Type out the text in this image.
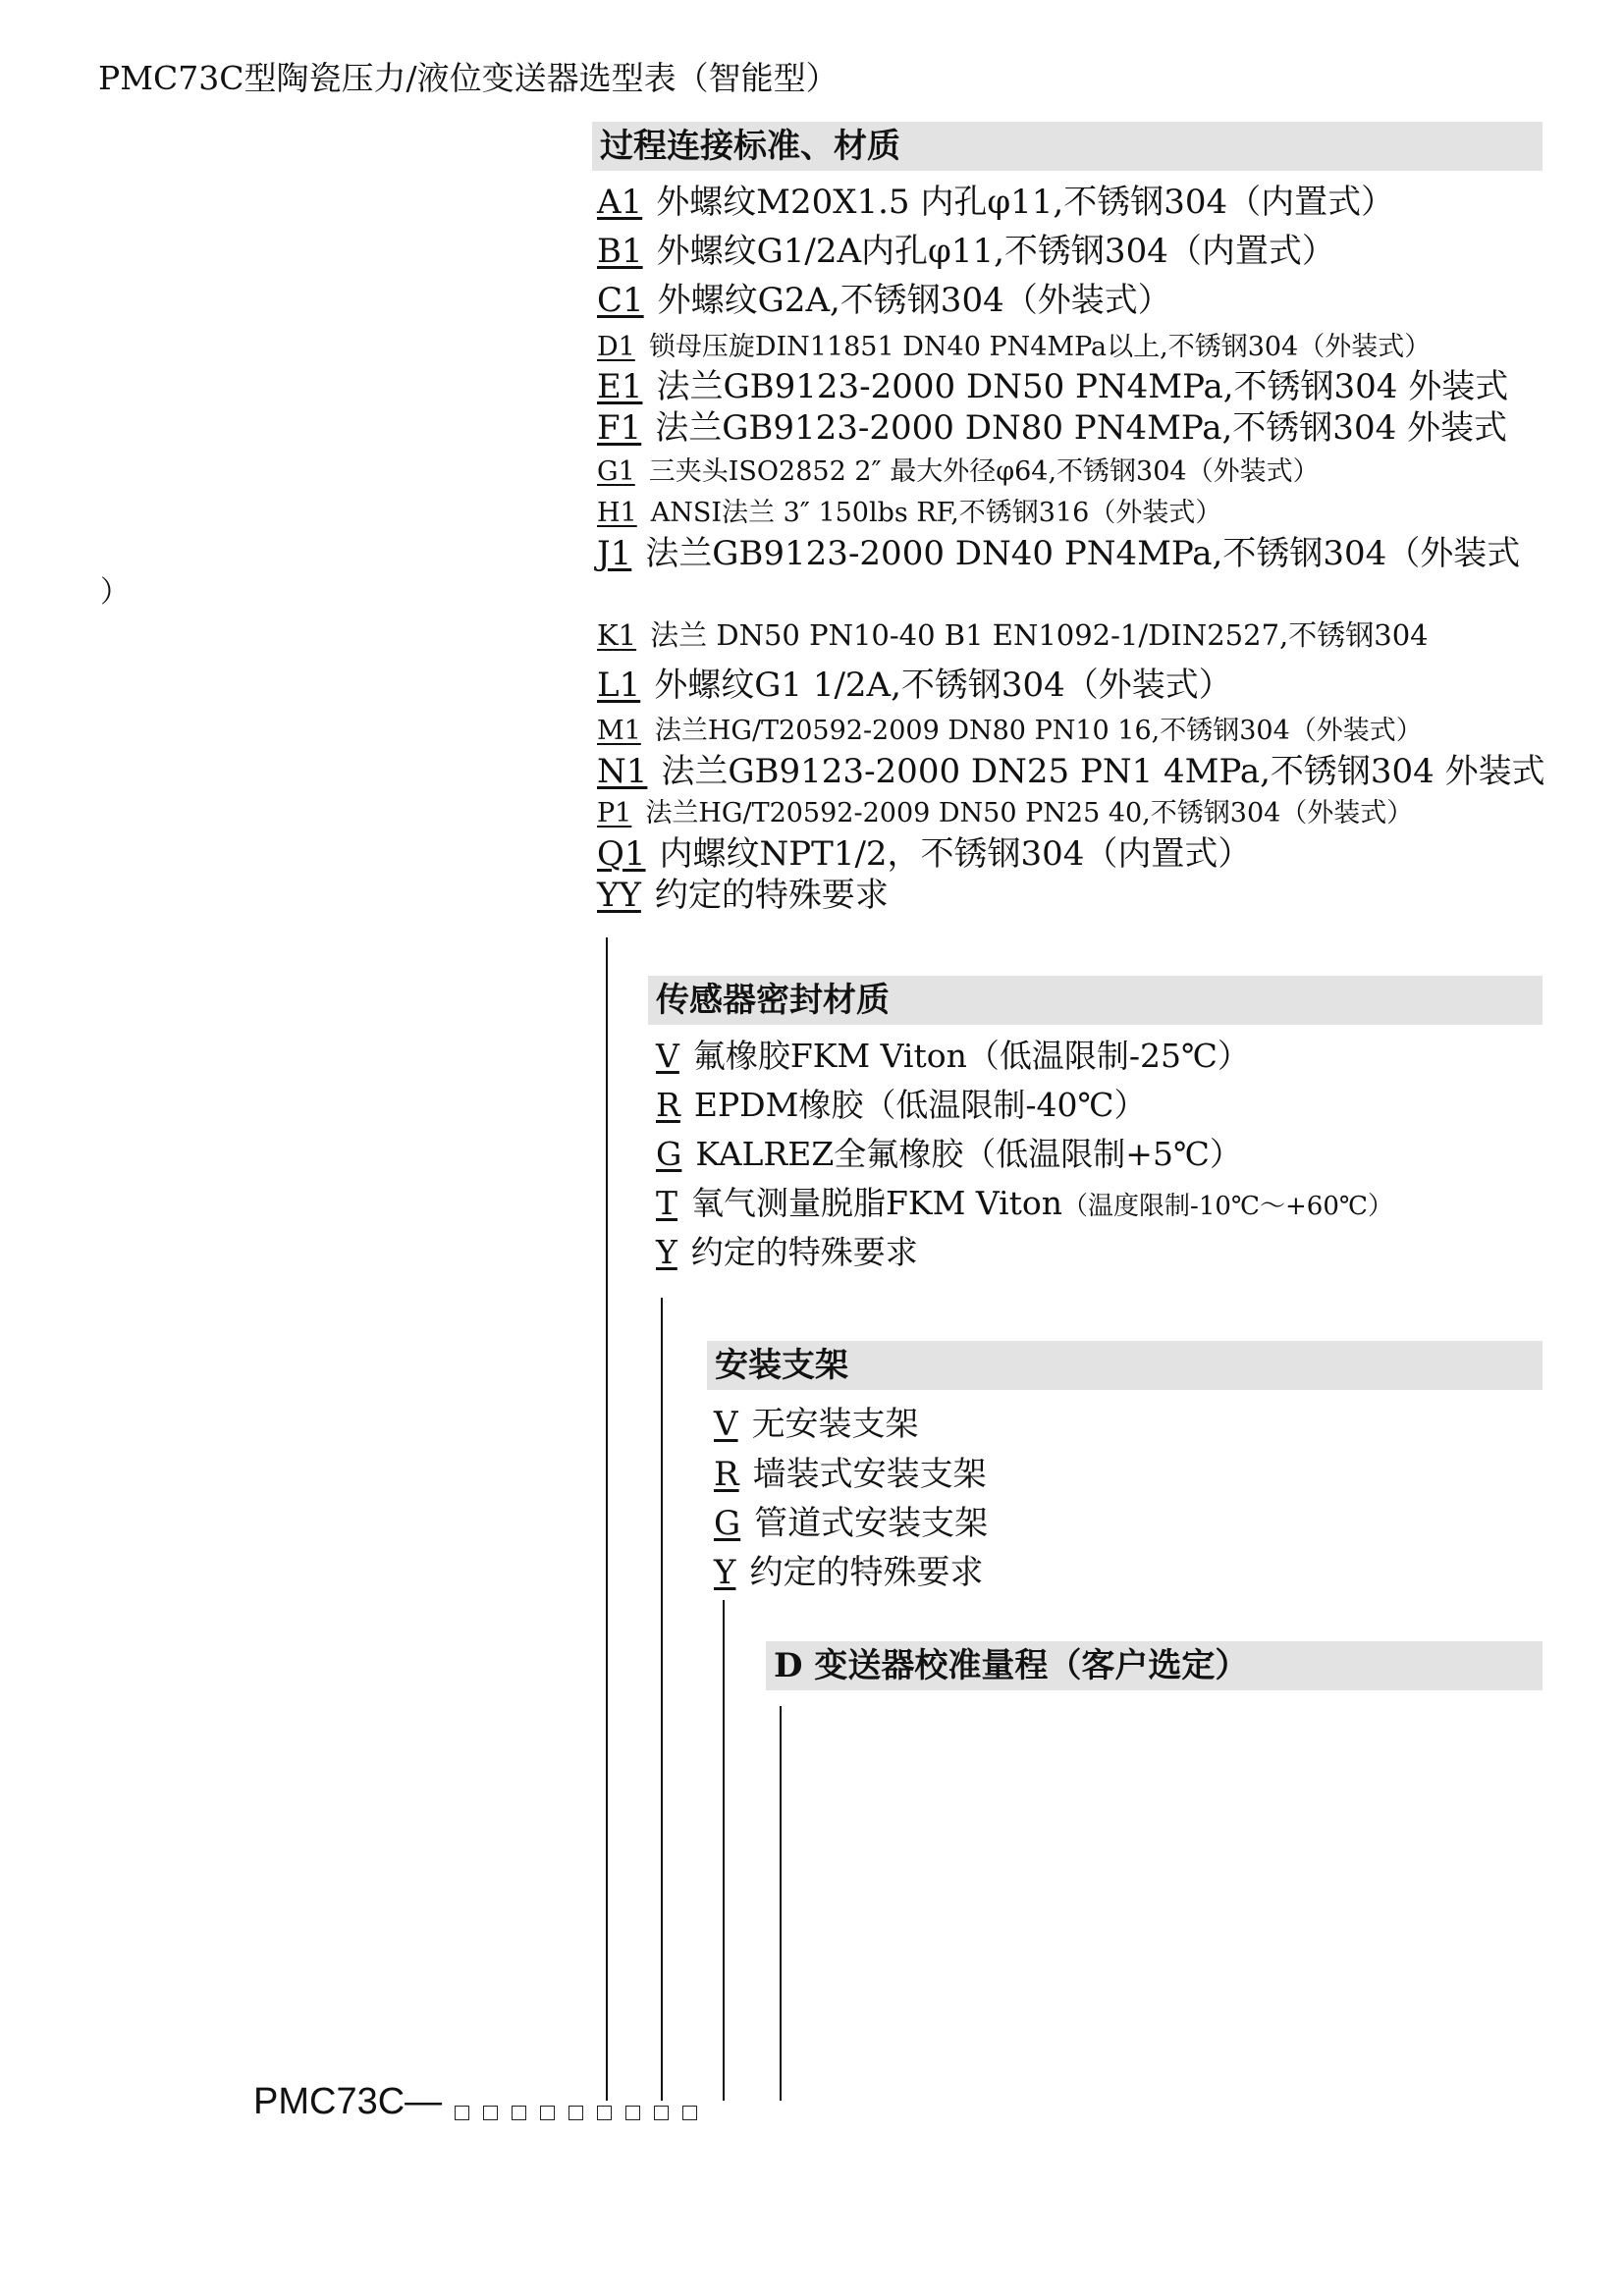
PMC73C型陶瓷压力/液位变送器选型表（智能型）
）
过程连接标准、材质
A1 外螺纹M20X1.5 内孔φ11,不锈钢304（内置式）
B1 外螺纹G1/2A内孔φ11,不锈钢304（内置式）
C1 外螺纹G2A,不锈钢304（外装式）
D1 锁母压旋DIN11851 DN40 PN4MPa以上,不锈钢304（外装式）
E1 法兰GB9123-2000 DN50 PN4MPa,不锈钢304 外装式
F1 法兰GB9123-2000 DN80 PN4MPa,不锈钢304 外装式
G1 三夹头ISO2852 2″ 最大外径φ64,不锈钢304（外装式）
H1 ANSI法兰 3″ 150lbs RF,不锈钢316（外装式）
J1 法兰GB9123-2000 DN40 PN4MPa,不锈钢304（外装式
K1 法兰 DN50 PN10-40 B1 EN1092-1/DIN2527,不锈钢304
L1 外螺纹G1 1/2A,不锈钢304（外装式）
M1 法兰HG/T20592-2009 DN80 PN10 16,不锈钢304（外装式）
N1 法兰GB9123-2000 DN25 PN1 4MPa,不锈钢304 外装式
P1 法兰HG/T20592-2009 DN50 PN25 40,不锈钢304（外装式）
Q1 内螺纹NPT1/2，不锈钢304（内置式）
YY 约定的特殊要求
传感器密封材质
V 氟橡胶FKM Viton（低温限制-25℃）
R EPDM橡胶（低温限制-40℃）
G KALREZ全氟橡胶（低温限制+5℃）
T 氧气测量脱脂FKM Viton（温度限制-10℃～+60℃）
Y 约定的特殊要求
安装支架
V 无安装支架
R 墙装式安装支架
G 管道式安装支架
Y 约定的特殊要求
D 变送器校准量程（客户选定）
PMC73C—
